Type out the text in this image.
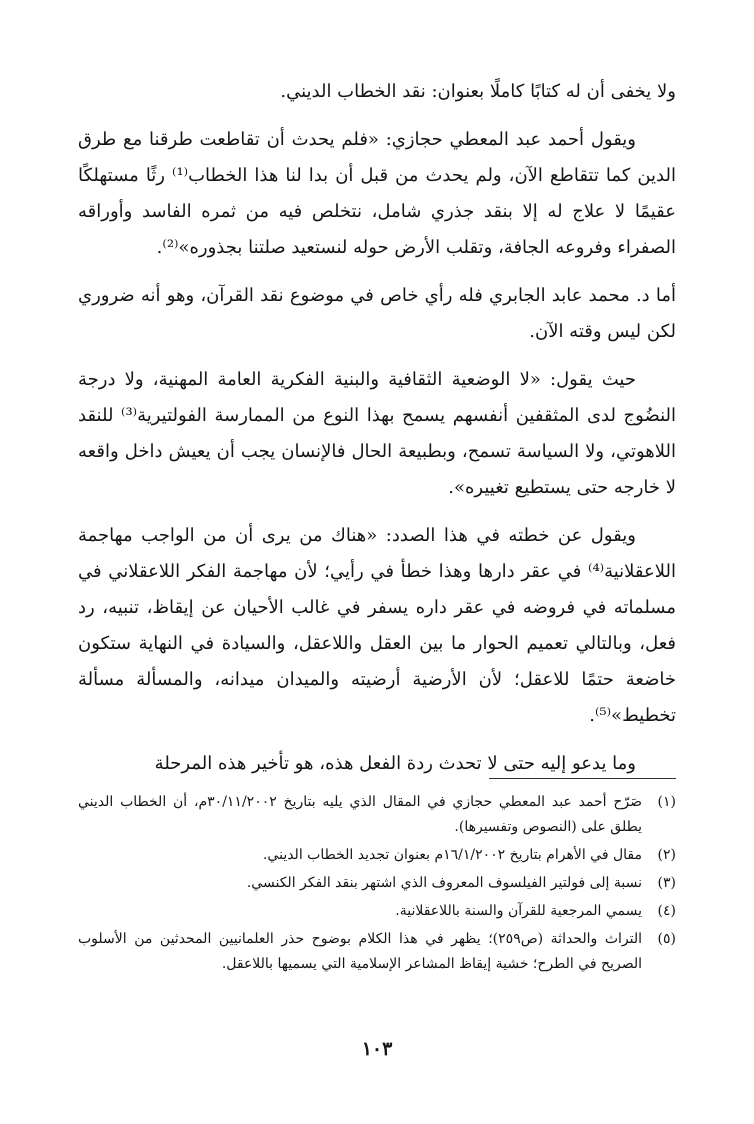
ولا يخفى أن له كتابًا كاملًا بعنوان: نقد الخطاب الديني.

ويقول أحمد عبد المعطي حجازي: «فلم يحدث أن تقاطعت طرقنا مع طرق الدين كما تتقاطع الآن، ولم يحدث من قبل أن بدا لنا هذا الخطاب⁽¹⁾ رثًا مستهلكًا عقيمًا لا علاج له إلا بنقد جذري شامل، نتخلص فيه من ثمره الفاسد وأوراقه الصفراء وفروعه الجافة، وتقلب الأرض حوله لنستعيد صلتنا بجذوره»⁽²⁾.

أما د. محمد عابد الجابري فله رأي خاص في موضوع نقد القرآن، وهو أنه ضروري لكن ليس وقته الآن.

حيث يقول: «لا الوضعية الثقافية والبنية الفكرية العامة المهنية، ولا درجة النضُوج لدى المثقفين أنفسهم يسمح بهذا النوع من الممارسة الفولتيرية⁽³⁾ للنقد اللاهوتي، ولا السياسة تسمح، وبطبيعة الحال فالإنسان يجب أن يعيش داخل واقعه لا خارجه حتى يستطيع تغييره».

ويقول عن خطته في هذا الصدد: «هناك من يرى أن من الواجب مهاجمة اللاعقلانية⁽⁴⁾ في عقر دارها وهذا خطأ في رأيي؛ لأن مهاجمة الفكر اللاعقلاني في مسلماته في فروضه في عقر داره يسفر في غالب الأحيان عن إيقاظ، تنبيه، رد فعل، وبالتالي تعميم الحوار ما بين العقل واللاعقل، والسيادة في النهاية ستكون خاضعة حتمًا للاعقل؛ لأن الأرضية أرضيته والميدان ميدانه، والمسألة مسألة تخطيط»⁽⁵⁾.

وما يدعو إليه حتى لا تحدث ردة الفعل هذه، هو تأخير هذه المرحلة

(١)
صَرّح أحمد عبد المعطي حجازي في المقال الذي يليه بتاريخ ٣٠/١١/٢٠٠٢م، أن الخطاب الديني يطلق على (النصوص وتفسيرها).
(٢)
مقال في الأهرام بتاريخ ١٦/١/٢٠٠٢م بعنوان تجديد الخطاب الديني.
(٣)
نسبة إلى فولتير الفيلسوف المعروف الذي اشتهر بنقد الفكر الكنسي.
(٤)
يسمي المرجعية للقرآن والسنة باللاعقلانية.
(٥)
التراث والحداثة (ص٢٥٩)؛ يظهر في هذا الكلام بوضوح حذر العلمانيين المحدثين من الأسلوب الصريح في الطرح؛ خشية إيقاظ المشاعر الإسلامية التي يسميها باللاعقل.
١٠٣
